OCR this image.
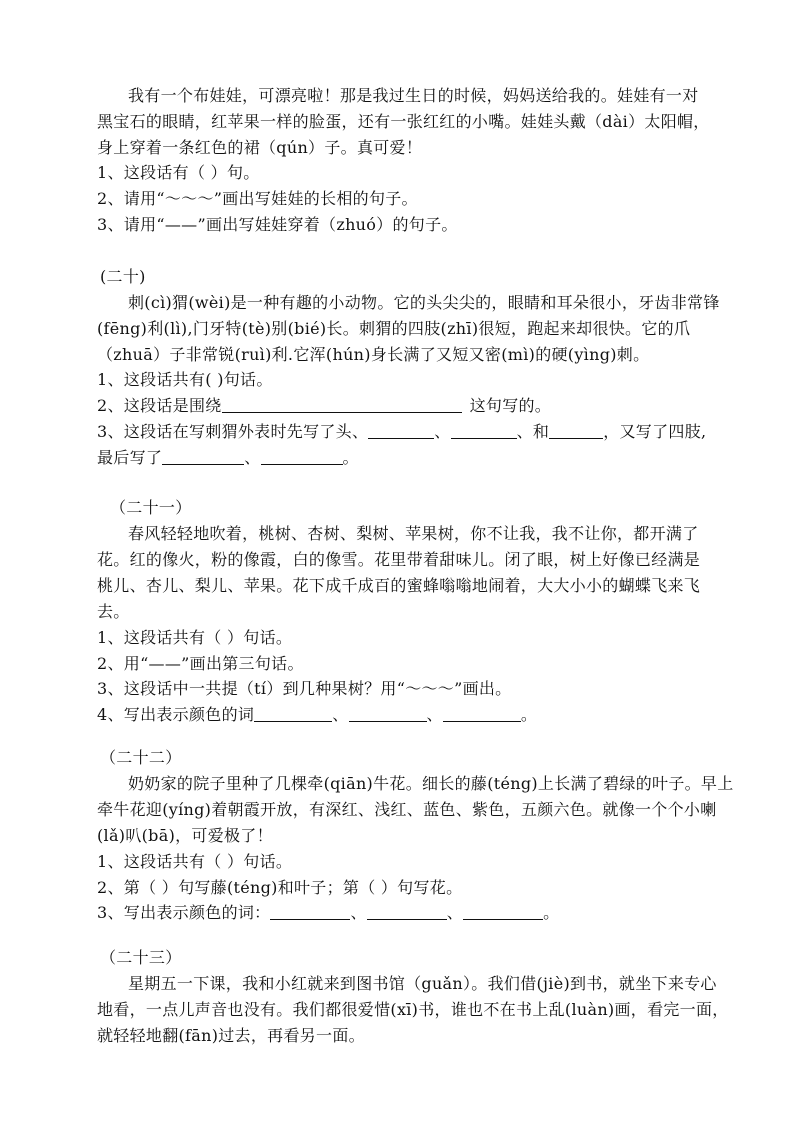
我有一个布娃娃，可漂亮啦！那是我过生日的时候，妈妈送给我的。娃娃有一对
黑宝石的眼睛，红苹果一样的脸蛋，还有一张红红的小嘴。娃娃头戴（dài）太阳帽，
身上穿着一条红色的裙（qún）子。真可爱！
1、这段话有（ ）句。
2、请用“～～～”画出写娃娃的长相的句子。
3、请用“——”画出写娃娃穿着（zhuó）的句子。
(二十)
刺(cì)猬(wèi)是一种有趣的小动物。它的头尖尖的，眼睛和耳朵很小，牙齿非常锋
(fēng)利(lì),门牙特(tè)别(bié)长。刺猬的四肢(zhī)很短，跑起来却很快。它的爪
（zhuā）子非常锐(ruì)利.它浑(hún)身长满了又短又密(mì)的硬(yìng)刺。
1、这段话共有( )句话。
2、这段话是围绕	这句写的。
3、这段话在写刺猬外表时先写了头、	、	、和	，又写了四肢,
最后写了	、	。
（二十一）
春风轻轻地吹着，桃树、杏树、梨树、苹果树，你不让我，我不让你，都开满了
花。红的像火，粉的像霞，白的像雪。花里带着甜味儿。闭了眼，树上好像已经满是
桃儿、杏儿、梨儿、苹果。花下成千成百的蜜蜂嗡嗡地闹着，大大小小的蝴蝶飞来飞
去。
1、这段话共有（ ）句话。
2、用“——”画出第三句话。
3、这段话中一共提（tí）到几种果树？用“～～～”画出。
4、写出表示颜色的词	、	、	。
（二十二）
奶奶家的院子里种了几棵牵(qiān)牛花。细长的藤(téng)上长满了碧绿的叶子。早上
牵牛花迎(yíng)着朝霞开放，有深红、浅红、蓝色、紫色，五颜六色。就像一个个小喇
(lǎ)叭(bā)，可爱极了！
1、这段话共有（ ）句话。
2、第（ ）句写藤(téng)和叶子；第（ ）句写花。
3、写出表示颜色的词：	、	、	。
（二十三）
星期五一下课，我和小红就来到图书馆（guǎn）。我们借(jiè)到书，就坐下来专心
地看，一点儿声音也没有。我们都很爱惜(xī)书，谁也不在书上乱(luàn)画，看完一面，
就轻轻地翻(fān)过去，再看另一面。
